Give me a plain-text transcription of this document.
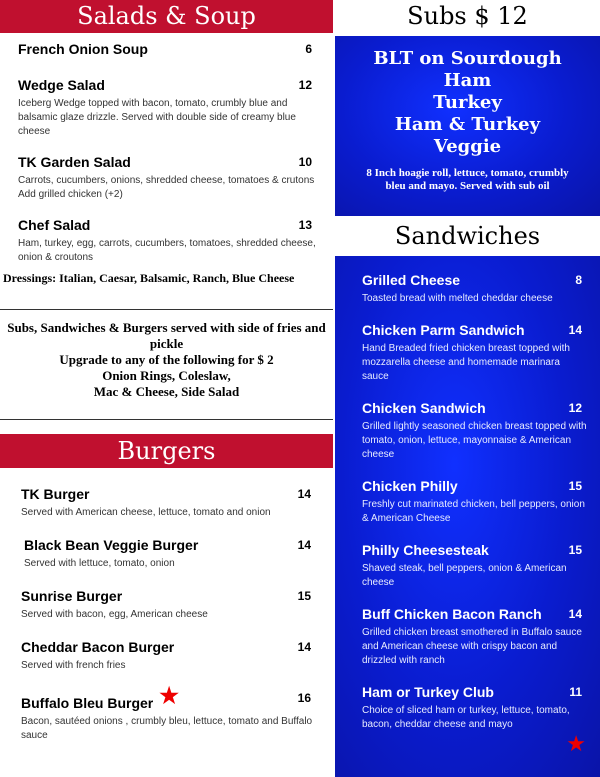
Salads & Soup
French Onion Soup	6
Wedge Salad	12
Iceberg Wedge topped with bacon, tomato, crumbly blue and balsamic glaze drizzle. Served with double side of creamy blue cheese
TK Garden Salad	10
Carrots, cucumbers, onions, shredded cheese, tomatoes & crutons
Add grilled chicken (+2)
Chef Salad	13
Ham, turkey, egg, carrots, cucumbers, tomatoes, shredded cheese, onion & croutons
Dressings: Italian, Caesar, Balsamic, Ranch, Blue Cheese
Subs, Sandwiches & Burgers served with side of fries and pickle
Upgrade to any of the following for $ 2
Onion Rings, Coleslaw,
Mac & Cheese, Side Salad
Burgers
TK Burger	14
Served with American cheese, lettuce, tomato and onion
Black Bean Veggie Burger	14
Served with lettuce, tomato, onion
Sunrise Burger	15
Served with bacon, egg, American cheese
Cheddar Bacon Burger	14
Served with french fries
Buffalo Bleu Burger ★	16
Bacon, sautéed onions , crumbly bleu, lettuce, tomato and Buffalo sauce
Subs $ 12
BLT on Sourdough
Ham
Turkey
Ham & Turkey
Veggie
8 Inch hoagie roll, lettuce, tomato, crumbly bleu and mayo. Served with sub oil
Sandwiches
Grilled Cheese	8
Toasted bread with melted cheddar cheese
Chicken Parm Sandwich	14
Hand Breaded fried chicken breast topped with mozzarella cheese and homemade marinara sauce
Chicken Sandwich	12
Grilled lightly seasoned chicken breast topped with tomato, onion, lettuce, mayonnaise & American cheese
Chicken Philly	15
Freshly cut marinated chicken, bell peppers, onion & American Cheese
Philly Cheesesteak	15
Shaved steak, bell peppers, onion & American cheese
Buff Chicken Bacon Ranch	14
Grilled chicken breast smothered in Buffalo sauce and American cheese with crispy bacon and drizzled with ranch
Ham or Turkey Club	11
Choice of sliced ham or turkey, lettuce, tomato, bacon, cheddar cheese and mayo
★
